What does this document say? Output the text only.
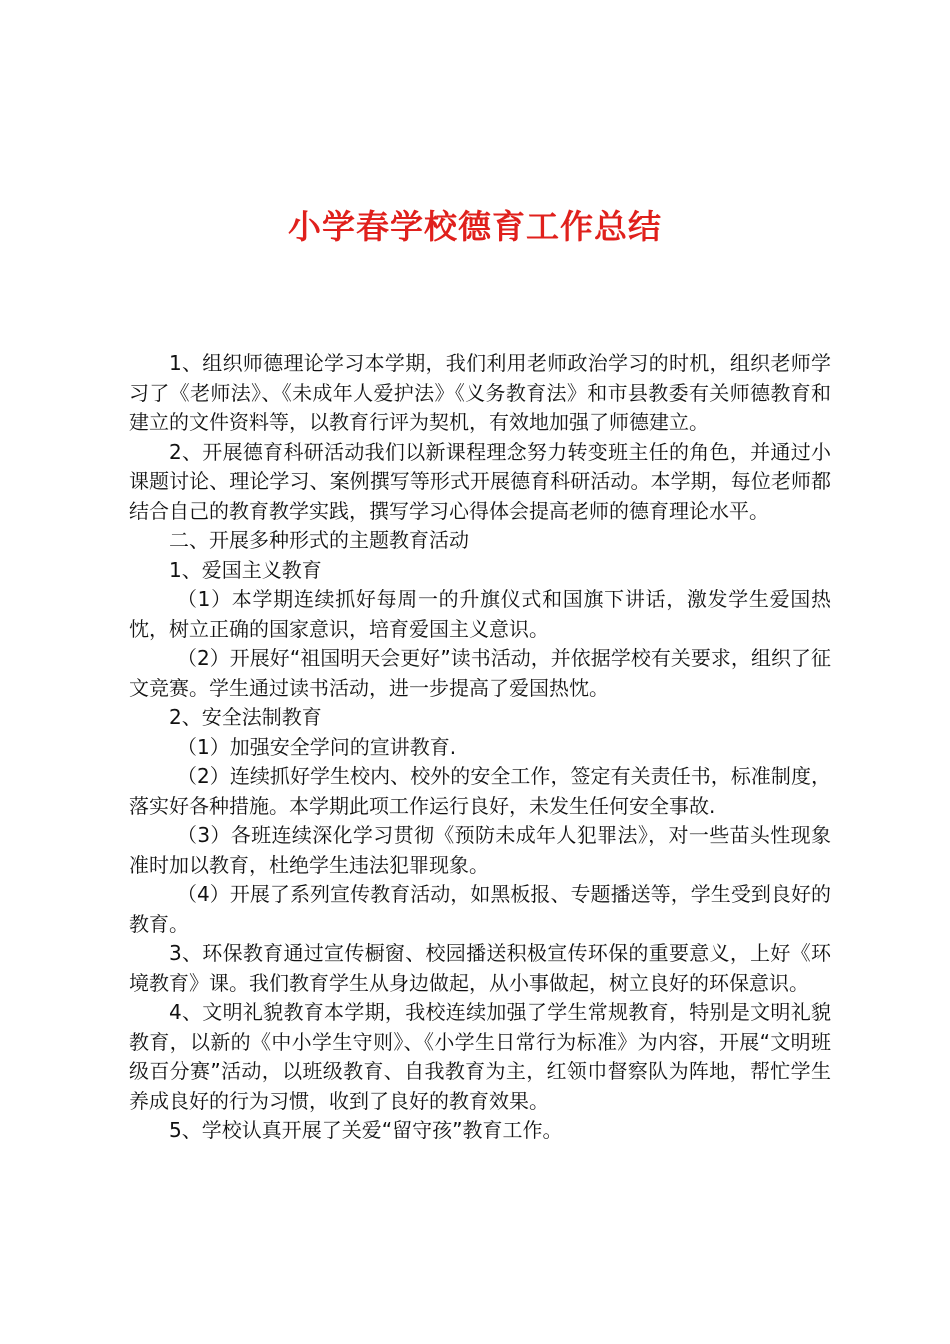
小学春学校德育工作总结

1、组织师德理论学习本学期，我们利用老师政治学习的时机，组织老师学习了《老师法》、《未成年人爱护法》《义务教育法》和市县教委有关师德教育和建立的文件资料等，以教育行评为契机，有效地加强了师德建立。

2、开展德育科研活动我们以新课程理念努力转变班主任的角色，并通过小课题讨论、理论学习、案例撰写等形式开展德育科研活动。本学期，每位老师都结合自己的教育教学实践，撰写学习心得体会提高老师的德育理论水平。

二、开展多种形式的主题教育活动

1、爱国主义教育

（1）本学期连续抓好每周一的升旗仪式和国旗下讲话，激发学生爱国热忱，树立正确的国家意识，培育爱国主义意识。

（2）开展好“祖国明天会更好”读书活动，并依据学校有关要求，组织了征文竞赛。学生通过读书活动，进一步提高了爱国热忱。

2、安全法制教育

（1）加强安全学问的宣讲教育.

（2）连续抓好学生校内、校外的安全工作，签定有关责任书，标准制度，落实好各种措施。本学期此项工作运行良好，未发生任何安全事故.

（3）各班连续深化学习贯彻《预防未成年人犯罪法》，对一些苗头性现象准时加以教育，杜绝学生违法犯罪现象。

（4）开展了系列宣传教育活动，如黑板报、专题播送等，学生受到良好的教育。

3、环保教育通过宣传橱窗、校园播送积极宣传环保的重要意义，上好《环境教育》课。我们教育学生从身边做起，从小事做起，树立良好的环保意识。

4、文明礼貌教育本学期，我校连续加强了学生常规教育，特别是文明礼貌教育，以新的《中小学生守则》、《小学生日常行为标准》为内容，开展“文明班级百分赛”活动，以班级教育、自我教育为主，红领巾督察队为阵地，帮忙学生养成良好的行为习惯，收到了良好的教育效果。

5、学校认真开展了关爱“留守孩”教育工作。
